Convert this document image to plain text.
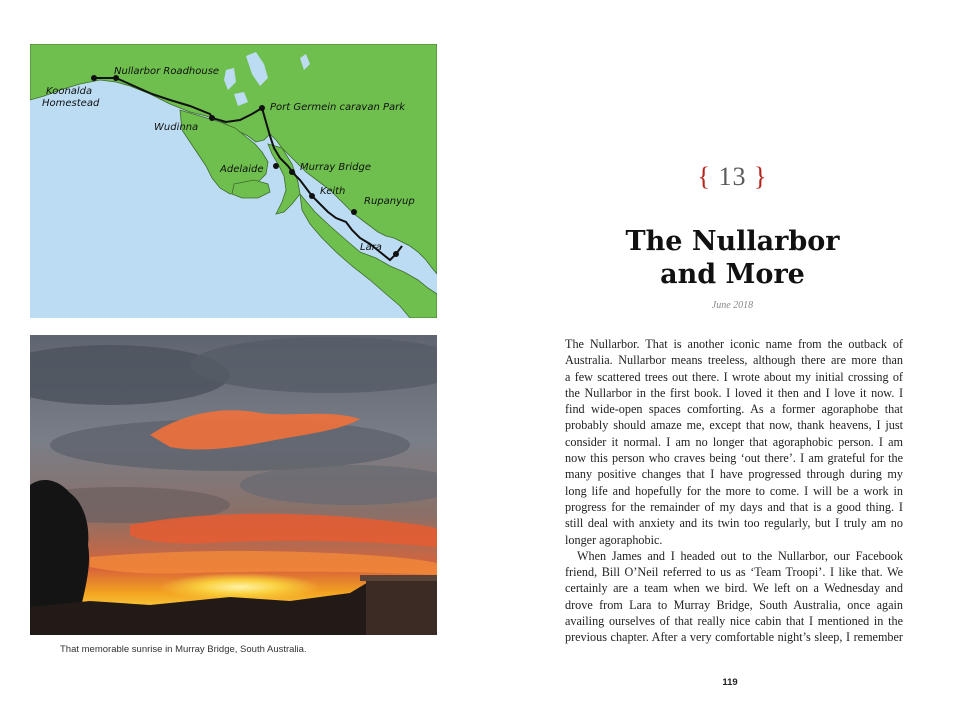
Koonalda
Homestead
Nullarbor Roadhouse
Port Germein caravan Park
Wudinna
Adelaide	Murray Bridge
Keith
Rupanyup
Lara
That memorable sunrise in Murray Bridge, South Australia.
{ 13 }
The Nullarbor
and More
June 2018
The Nullarbor. That is another iconic name from the outback of
Australia. Nullarbor means treeless, although there are more than
a few scattered trees out there. I wrote about my initial crossing of
the Nullarbor in the first book. I loved it then and I love it now. I
find wide-open spaces comforting. As a former agoraphobe that
probably should amaze me, except that now, thank heavens, I just
consider it normal. I am no longer that agoraphobic person. I am
now this person who craves being ‘out there’. I am grateful for the
many positive changes that I have progressed through during my
long life and hopefully for the more to come. I will be a work in
progress for the remainder of my days and that is a good thing. I
still deal with anxiety and its twin too regularly, but I truly am no
longer agoraphobic.
When James and I headed out to the Nullarbor, our Facebook
friend, Bill O’Neil referred to us as ‘Team Troopi’. I like that. We
certainly are a team when we bird. We left on a Wednesday and
drove from Lara to Murray Bridge, South Australia, once again
availing ourselves of that really nice cabin that I mentioned in the
previous chapter. After a very comfortable night’s sleep, I remember
119
